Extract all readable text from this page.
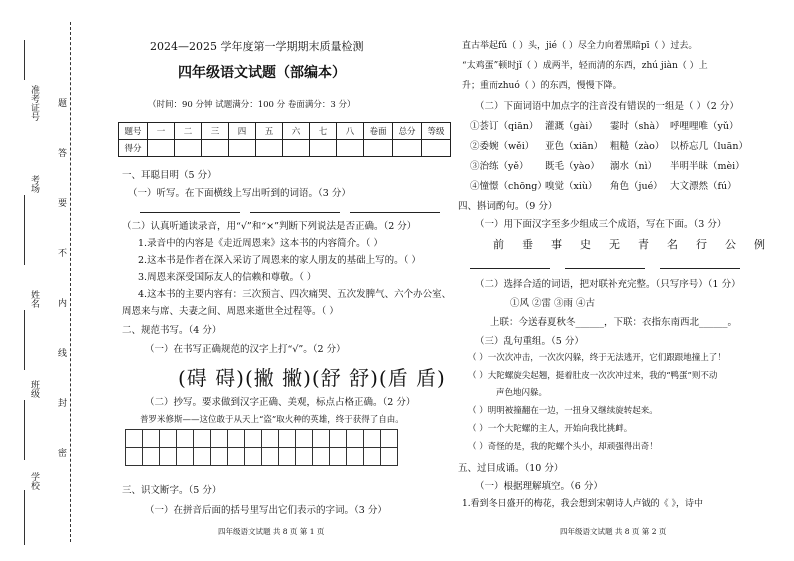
题
答
要
不
内
线
封
密
准考证号
考场
姓名
班级
学校
2024—2025 学年度第一学期期末质量检测
四年级语文试题（部编本）
（时间：90 分钟 试题满分：100 分 卷面满分：3 分）
题号	一	二	三	四	五	六	七	八	卷面	总分	等级
得分											
一、耳聪目明（5 分）
（一）听写。在下面横线上写出听到的词语。（3 分）
（二）认真听通读录音，用“√”和“×”判断下列说法是否正确。（2 分）
1.录音中的内容是《走近周恩来》这本书的内容简介。（ ）
2.这本书是作者在深入采访了周恩来的家人朋友的基础上写的。（ ）
3.周恩来深受国际友人的信赖和尊敬。（ ）
4.这本书的主要内容有：三次预言、四次痛哭、五次发脾气、六个办公室、
周恩来与席、夫妻之间、周恩来逝世全过程等。（ ）
二、规范书写。（4 分）
（一）在书写正确规范的汉字上打“√”。（2 分）
(碍 碍)(撇 撇)(舒 舒)(盾 盾)
（二）抄写。要求做到汉字正确、美观，标点占格正确。（2 分）
普罗米修斯——这位敢于从天上“盗”取火种的英雄，终于获得了自由。
三、识文断字。（5 分）
（一）在拼音后面的括号里写出它们表示的字词。（3 分）
四年级语文试题 共 8 页 第 1 页
直古举起fǔ（ ）头，jié（ ）尽全力向着黑暗pī（ ）过去。
“太鸡蛋”顿时jǐ（ ）成两半，轻而清的东西，zhú jiàn（ ）上
升；重而zhuó（ ）的东西，慢慢下降。
（二）下面词语中加点字的注音没有错误的一组是（ ）（2 分）
①荟订（qiān） 灌溉（gài） 霎时（shà） 呼哩哩唯（yǔ）
②委婉（wěi） 亚色（xiān） 粗糙（zào） 以桥忘几（luān）
③治练（yě） 既毛（yào） 溺水（nì） 半明半昧（mèi）
④憧憬（chōng）
嗅觉（xiù） 角色（jué） 大文漂然（fú）
四、斟词酌句。（9 分）
（一）用下面汉字至多少组成三个成语，写在下面。（3 分）
前垂事史无青名行公例
（二）选择合适的词语，把对联补充完整。（只写序号）（1 分）
①风 ②雷 ③雨 ④古
上联：今送春夏秋冬______，下联：衣指东南西北______。
（三）乱句重组。（5 分）
（ ）一次次冲击，一次次闪躲，终于无法逃开，它们跟跟地撞上了！
（ ）大陀螺旋尖起翘，挺着肚皮一次次冲过来，我的“鸭蛋”则不动
声色地闪躲。
（ ）明明被撞翻在一边，一扭身又继续旋转起来。
（ ）一个大陀螺的主人，开始向我比挑衅。
（ ）奇怪的是，我的陀螺个头小，却顽强得出奇！
五、过目成诵。（10 分）
（一）根据理解填空。（6 分）
1.看到冬日盛开的梅花，我会想到宋朝诗人卢钺的《 》，诗中
四年级语文试题 共 8 页 第 2 页
